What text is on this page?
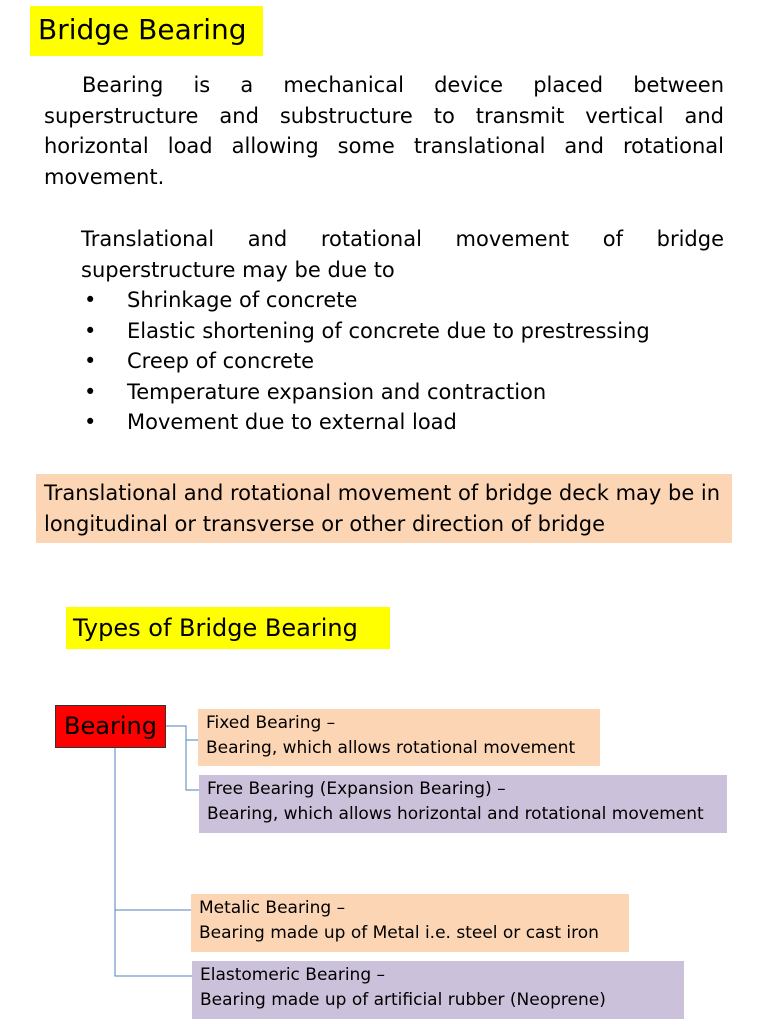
Bridge Bearing
Bearing is a mechanical device placed between superstructure and substructure to transmit vertical and horizontal load allowing some translational and rotational movement.
Translational and rotational movement of bridge superstructure may be due to
• Shrinkage of concrete
• Elastic shortening of concrete due to prestressing
• Creep of concrete
• Temperature expansion and contraction
• Movement due to external load
Translational and rotational movement of bridge deck may be in longitudinal or transverse or other direction of bridge
Types of Bridge Bearing
Bearing	Fixed Bearing –
Bearing, which allows rotational movement
Free Bearing (Expansion Bearing) –
Bearing, which allows horizontal and rotational movement
Metalic Bearing –
Bearing made up of Metal i.e. steel or cast iron
Elastomeric Bearing –
Bearing made up of artificial rubber (Neoprene)
